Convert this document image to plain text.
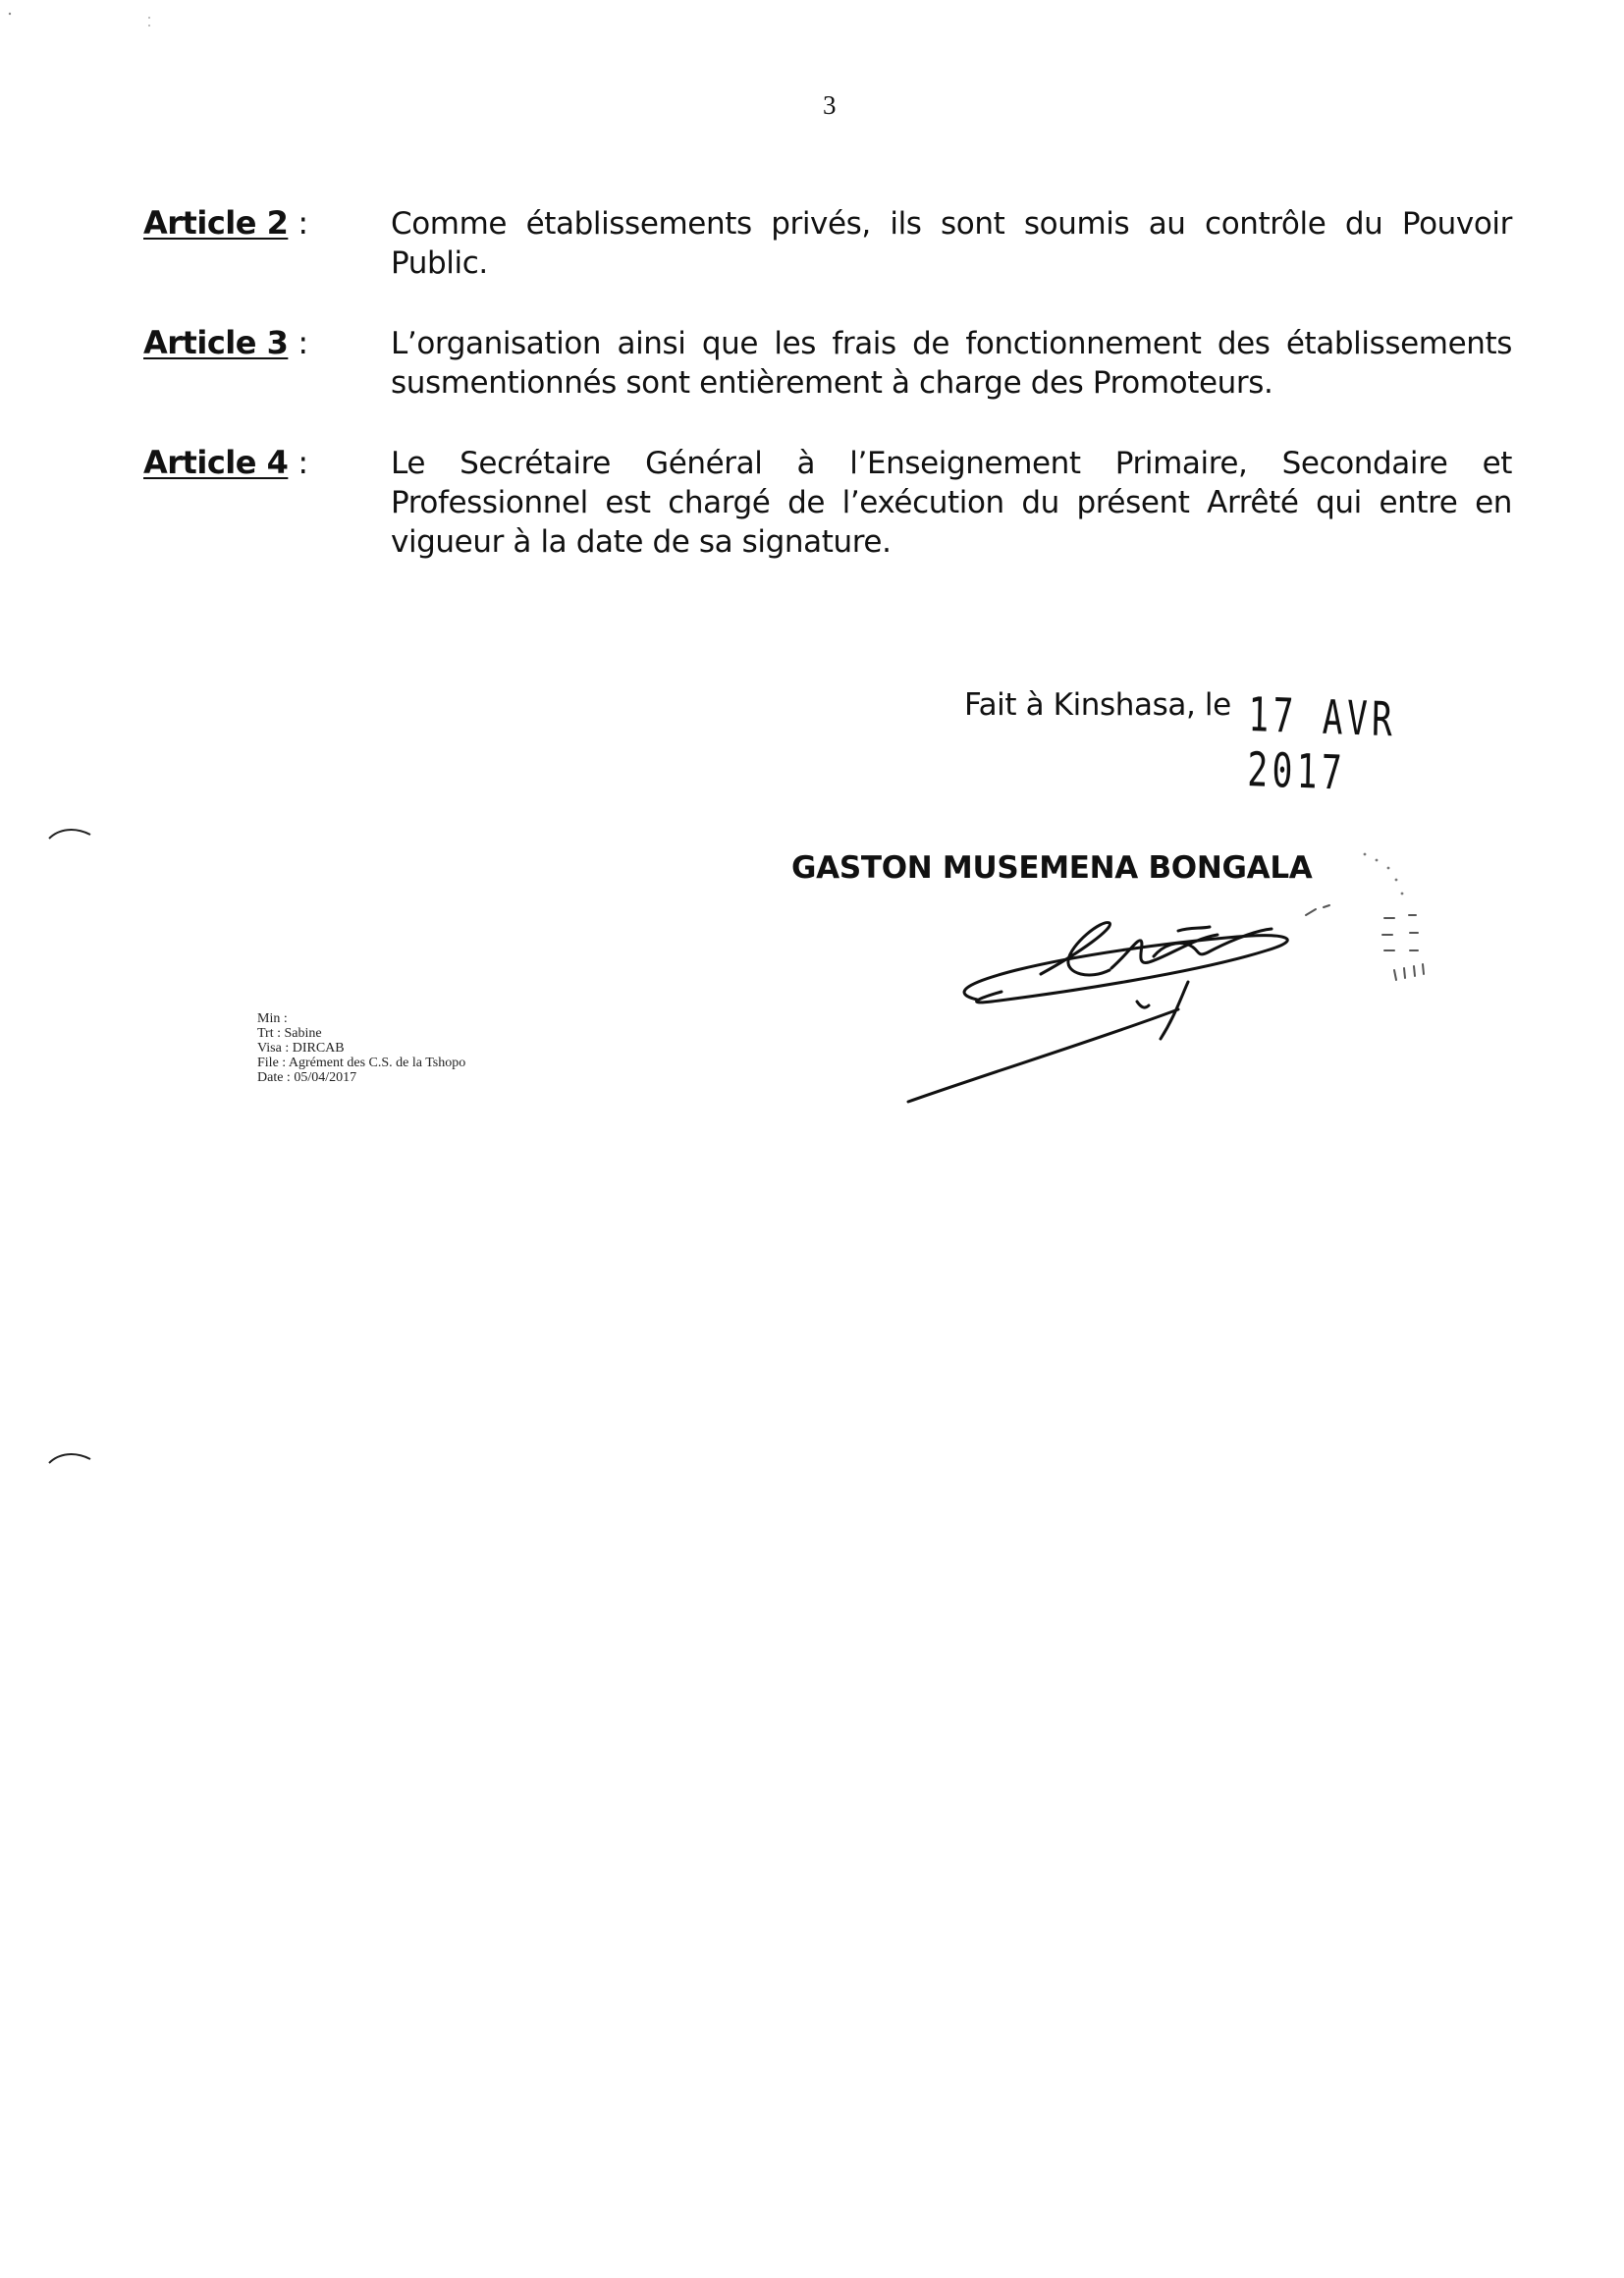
3
Article 2 :	Comme établissements privés, ils sont soumis au contrôle du Pouvoir Public.
Article 3 :	L’organisation ainsi que les frais de fonctionnement des établissements susmentionnés sont entièrement à charge des Promoteurs.
Article 4 :	Le Secrétaire Général à l’Enseignement Primaire, Secondaire et Professionnel est chargé de l’exécution du présent Arrêté qui entre en vigueur à la date de sa signature.
Fait à Kinshasa, le 17 AVR 2017
GASTON MUSEMENA BONGALA
Min :
Trt : Sabine
Visa : DIRCAB
File : Agrément des C.S. de la Tshopo
Date : 05/04/2017
